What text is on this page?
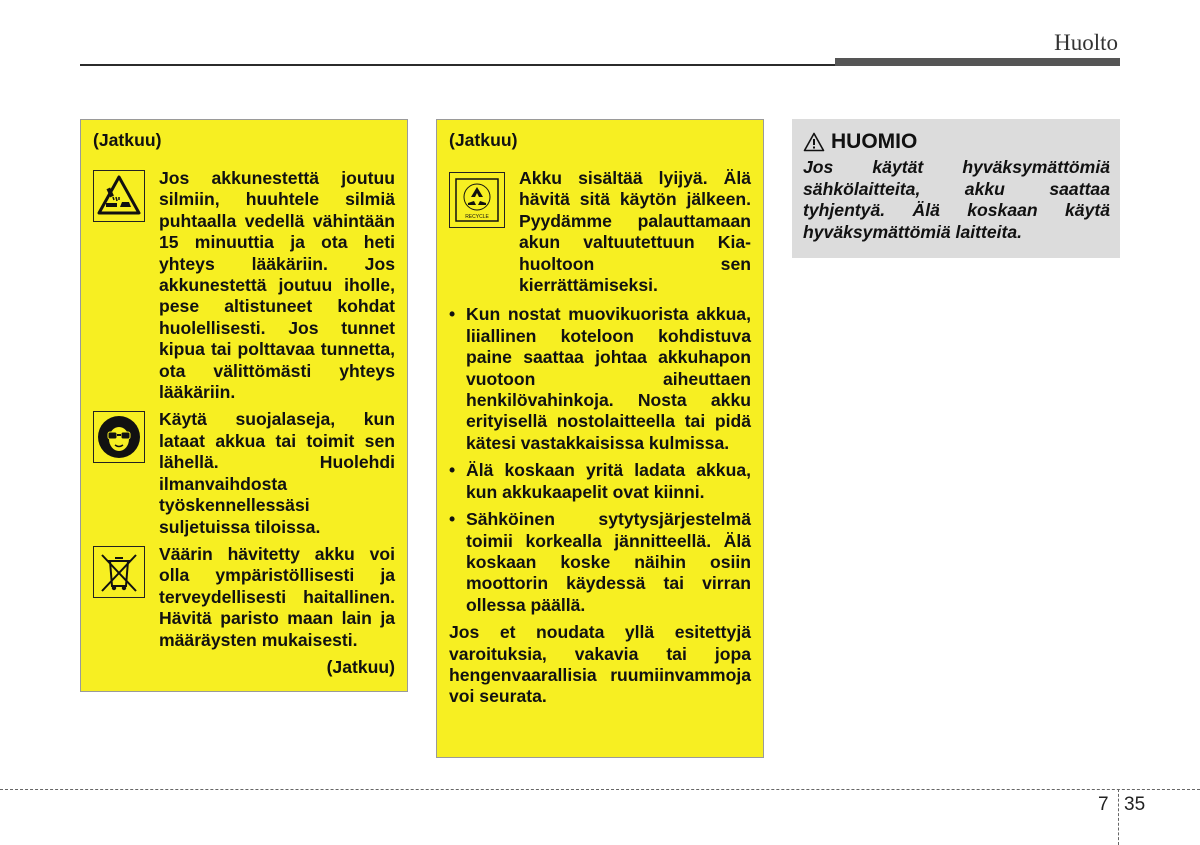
Huolto
(Jatkuu)
Jos akkunestettä joutuu silmiin, huuhtele silmiä puhtaalla vedellä vähintään 15 minuuttia ja ota heti yhteys lääkäriin. Jos akkunestettä joutuu iholle, pese altistuneet kohdat huolellisesti. Jos tunnet kipua tai polttavaa tunnetta, ota välittömästi yhteys lääkäriin.
Käytä suojalaseja, kun lataat akkua tai toimit sen lähellä. Huolehdi ilmanvaihdosta työskennellessäsi suljetuissa tiloissa.
Väärin hävitetty akku voi olla ympäristöllisesti ja terveydellisesti haitallinen. Hävitä paristo maan lain ja määräysten mukaisesti.
(Jatkuu)
(Jatkuu)
RECYCLE
Akku sisältää lyijyä. Älä hävitä sitä käytön jälkeen. Pyydämme palauttamaan akun valtuutettuun Kia-huoltoon sen kierrättämiseksi.
• Kun nostat muovikuorista akkua, liiallinen koteloon kohdistuva paine saattaa johtaa akkuhapon vuotoon aiheuttaen henkilövahinkoja. Nosta akku erityisellä nostolaitteella tai pidä kätesi vastakkaisissa kulmissa.
• Älä koskaan yritä ladata akkua, kun akkukaapelit ovat kiinni.
• Sähköinen sytytysjärjestelmä toimii korkealla jännitteellä. Älä koskaan koske näihin osiin moottorin käydessä tai virran ollessa päällä.
Jos et noudata yllä esitettyjä varoituksia, vakavia tai jopa hengenvaarallisia ruumiinvammoja voi seurata.
HUOMIO
Jos käytät hyväksymättömiä sähkölaitteita, akku saattaa tyhjentyä. Älä koskaan käytä hyväksymättömiä laitteita.
7 35
